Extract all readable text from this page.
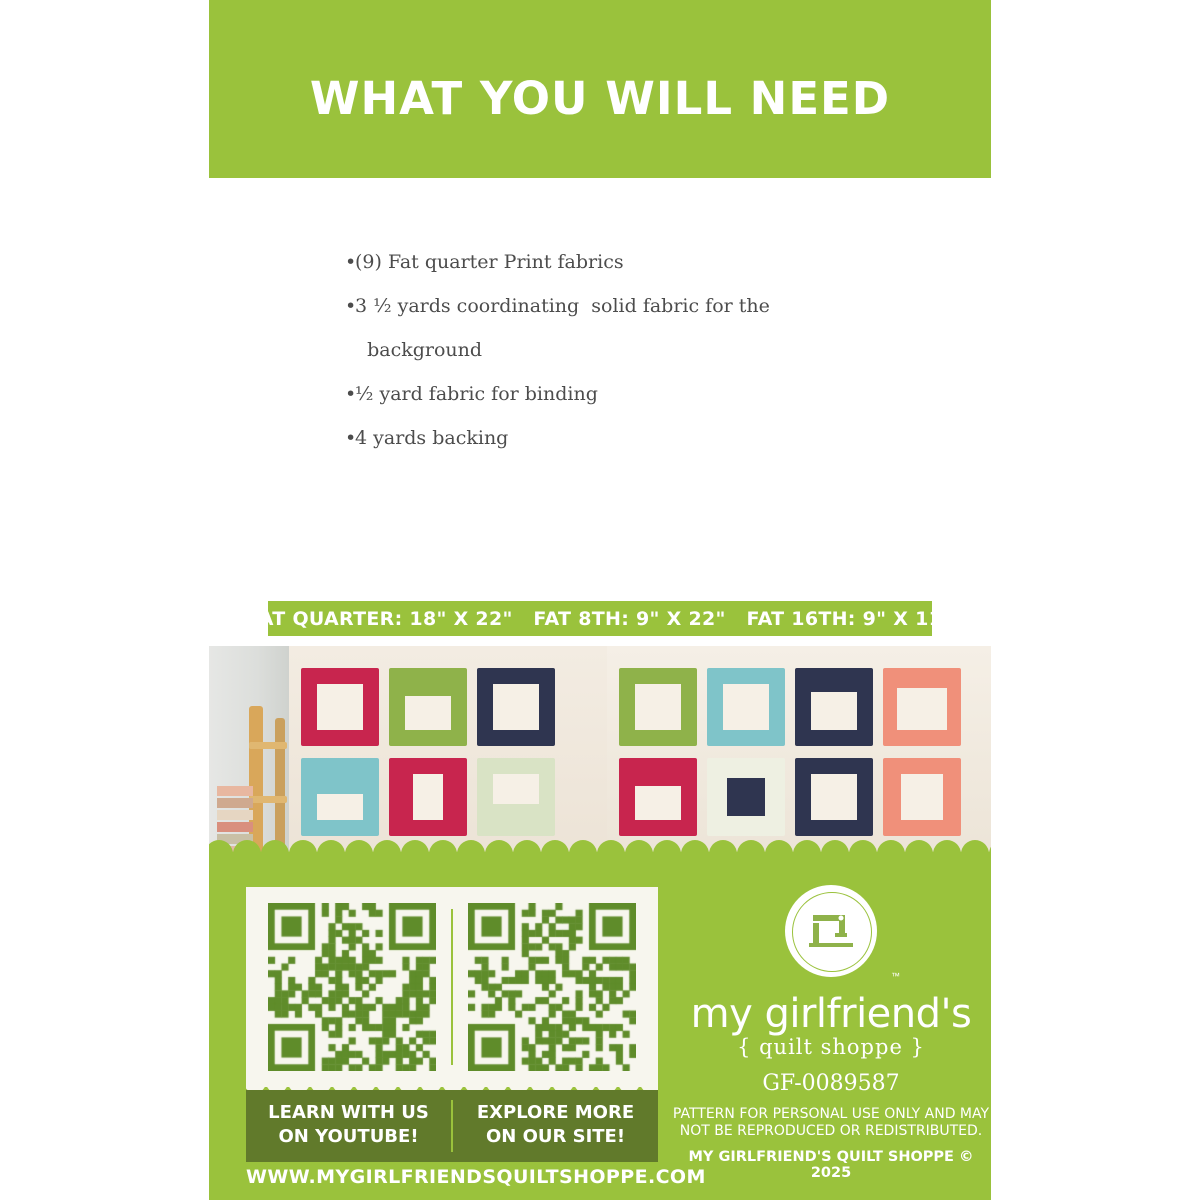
WHAT YOU WILL NEED
•(9) Fat quarter Print fabrics
•3 ½ yards coordinating  solid fabric for the
background
•½ yard fabric for binding
•4 yards backing
FAT QUARTER: 18" X 22"   FAT 8TH: 9" X 22"   FAT 16TH: 9" X 11"
LEARN WITH US
ON YOUTUBE!
EXPLORE MORE
ON OUR SITE!
WWW.MYGIRLFRIENDSQUILTSHOPPE.COM
my girlfriend's
™
{ quilt shoppe }
GF-0089587
PATTERN FOR PERSONAL USE ONLY AND MAY
NOT BE REPRODUCED OR REDISTRIBUTED.
MY GIRLFRIEND'S QUILT SHOPPE © 2025
